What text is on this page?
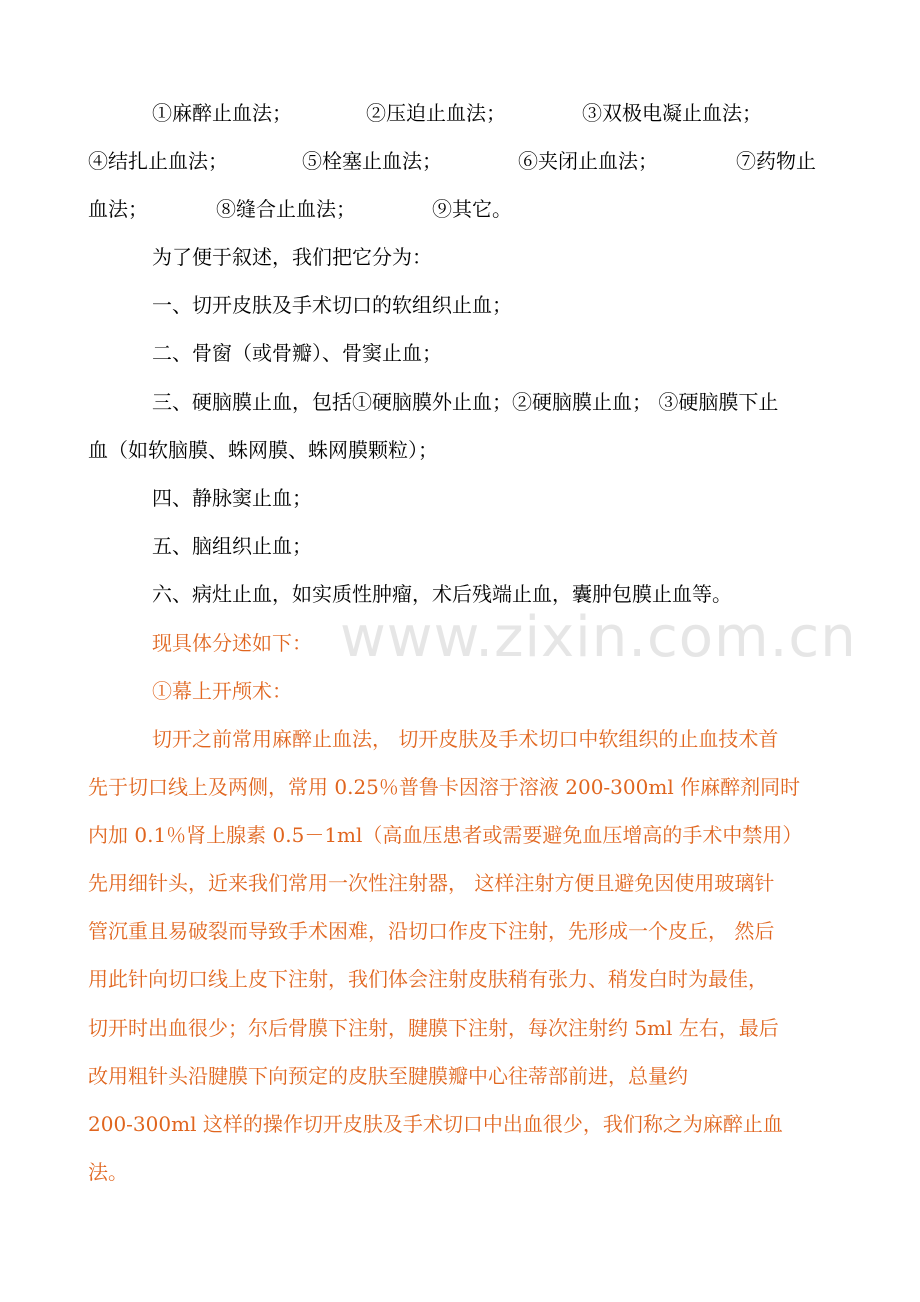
www.zixin.com.cn
①麻醉止血法；	②压迫止血法；	③双极电凝止血法；
④结扎止血法；	⑤栓塞止血法；	⑥夹闭止血法；	⑦药物止
血法；	⑧缝合止血法；	⑨其它。
为了便于叙述，我们把它分为：
一、切开皮肤及手术切口的软组织止血；
二、骨窗（或骨瓣）、骨窦止血；
三、硬脑膜止血，包括①硬脑膜外止血；②硬脑膜止血； ③硬脑膜下止
血（如软脑膜、蛛网膜、蛛网膜颗粒）；
四、静脉窦止血；
五、脑组织止血；
六、病灶止血，如实质性肿瘤，术后残端止血，囊肿包膜止血等。
现具体分述如下：
①幕上开颅术：
切开之前常用麻醉止血法， 切开皮肤及手术切口中软组织的止血技术首
先于切口线上及两侧，常用 0.25％普鲁卡因溶于溶液 200-300ml 作麻醉剂同时
内加 0.1％肾上腺素 0.5－1ml（高血压患者或需要避免血压增高的手术中禁用）
先用细针头，近来我们常用一次性注射器， 这样注射方便且避免因使用玻璃针
管沉重且易破裂而导致手术困难，沿切口作皮下注射，先形成一个皮丘， 然后
用此针向切口线上皮下注射，我们体会注射皮肤稍有张力、稍发白时为最佳，
切开时出血很少；尔后骨膜下注射，腱膜下注射，每次注射约 5ml 左右，最后
改用粗针头沿腱膜下向预定的皮肤至腱膜瓣中心往蒂部前进，总量约
200-300ml 这样的操作切开皮肤及手术切口中出血很少，我们称之为麻醉止血
法。
